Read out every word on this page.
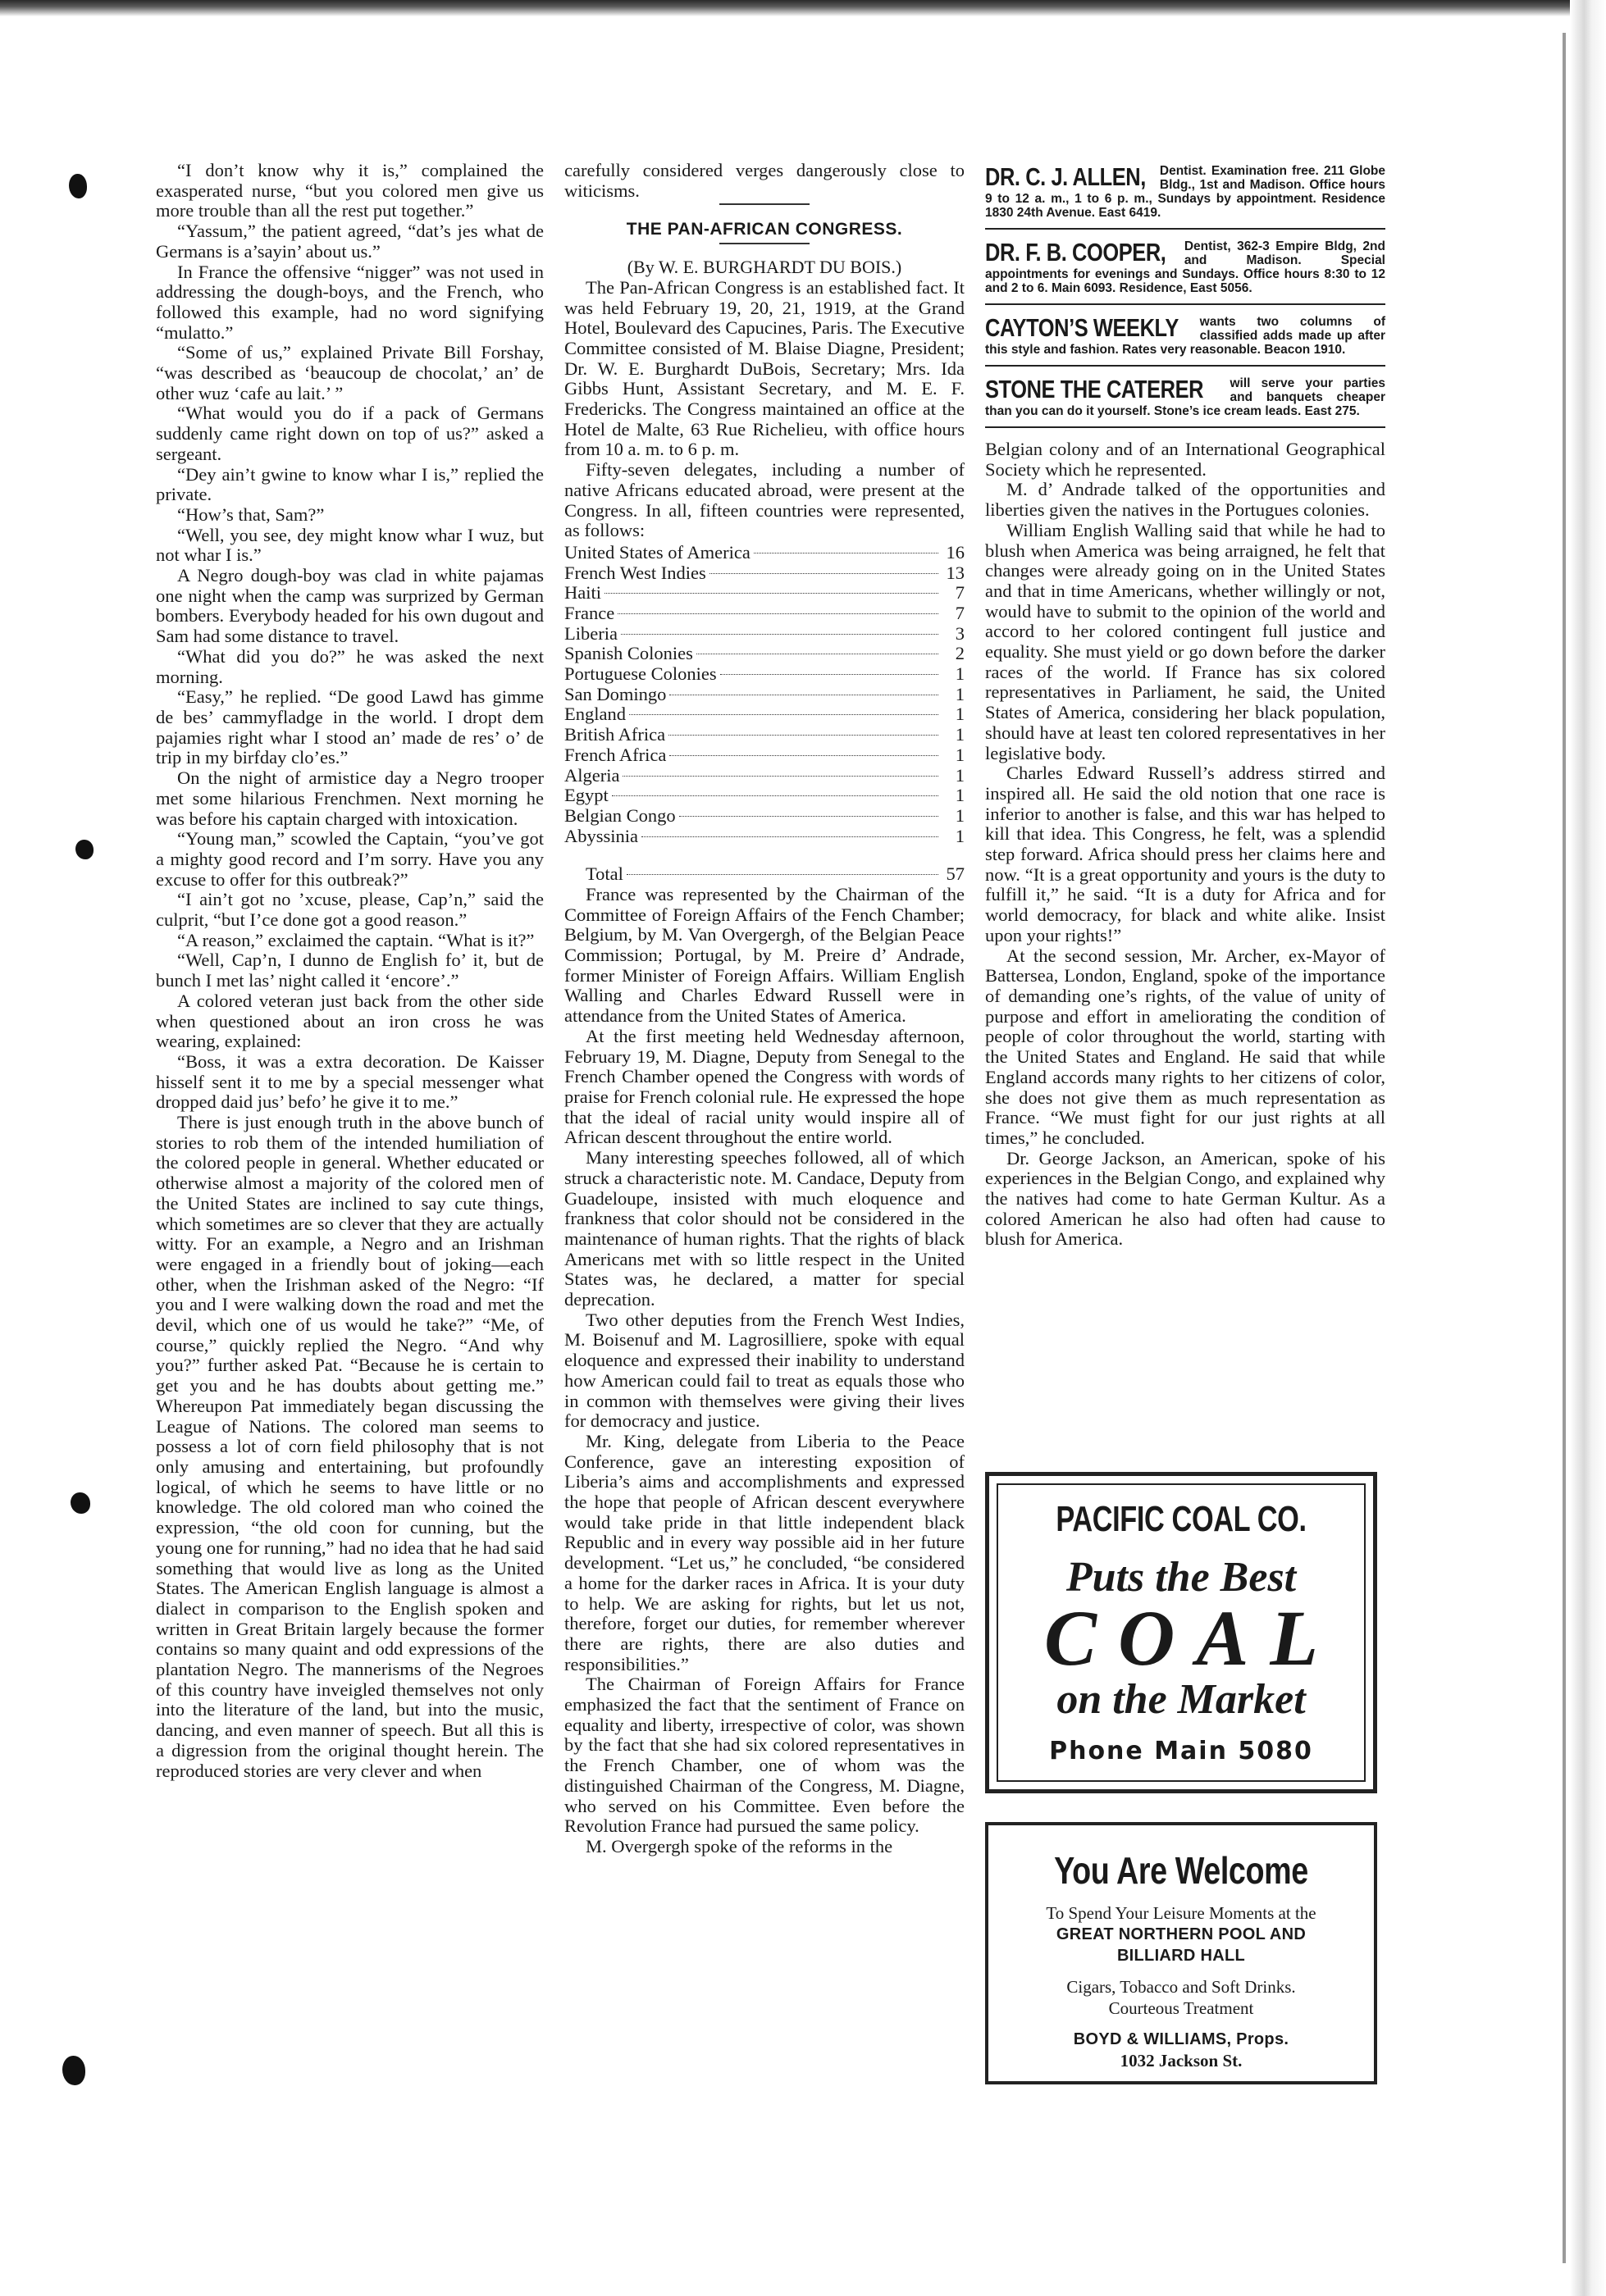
“I don’t know why it is,” complained the exasperated nurse, “but you colored men give us more trouble than all the rest put together.”

“Yassum,” the patient agreed, “dat’s jes what de Germans is a’sayin’ about us.”

In France the offensive “nigger” was not used in addressing the dough-boys, and the French, who followed this example, had no word signifying “mulatto.”

“Some of us,” explained Private Bill Forshay, “was described as ‘beaucoup de chocolat,’ an’ de other wuz ‘cafe au lait.’ ”

“What would you do if a pack of Germans suddenly came right down on top of us?” asked a sergeant.

“Dey ain’t gwine to know whar I is,” replied the private.

“How’s that, Sam?”

“Well, you see, dey might know whar I wuz, but not whar I is.”

A Negro dough-boy was clad in white pajamas one night when the camp was surprized by German bombers. Everybody headed for his own dugout and Sam had some distance to travel.

“What did you do?” he was asked the next morning.

“Easy,” he replied. “De good Lawd has gimme de bes’ cammyfladge in the world. I dropt dem pajamies right whar I stood an’ made de res’ o’ de trip in my birfday clo’es.”

On the night of armistice day a Negro trooper met some hilarious Frenchmen. Next morning he was before his captain charged with intoxication.

“Young man,” scowled the Captain, “you’ve got a mighty good record and I’m sorry. Have you any excuse to offer for this outbreak?”

“I ain’t got no ’xcuse, please, Cap’n,” said the culprit, “but I’ce done got a good reason.”

“A reason,” exclaimed the captain. “What is it?”

“Well, Cap’n, I dunno de English fo’ it, but de bunch I met las’ night called it ‘encore’.”

A colored veteran just back from the other side when questioned about an iron cross he was wearing, explained:

“Boss, it was a extra decoration. De Kaisser hisself sent it to me by a special messenger what dropped daid jus’ befo’ he give it to me.”

There is just enough truth in the above bunch of stories to rob them of the intended humiliation of the colored people in general. Whether educated or otherwise almost a majority of the colored men of the United States are inclined to say cute things, which sometimes are so clever that they are actually witty. For an example, a Negro and an Irishman were engaged in a friendly bout of joking—each other, when the Irishman asked of the Negro: “If you and I were walking down the road and met the devil, which one of us would he take?” “Me, of course,” quickly replied the Negro. “And why you?” further asked Pat. “Because he is certain to get you and he has doubts about getting me.” Whereupon Pat immediately began discussing the League of Nations. The colored man seems to possess a lot of corn field philosophy that is not only amusing and entertaining, but profoundly logical, of which he seems to have little or no knowledge. The old colored man who coined the expression, “the old coon for cunning, but the young one for running,” had no idea that he had said something that would live as long as the United States. The American English language is almost a dialect in comparison to the English spoken and written in Great Britain largely because the former contains so many quaint and odd expressions of the plantation Negro. The mannerisms of the Negroes of this country have inveigled themselves not only into the literature of the land, but into the music, dancing, and even manner of speech. But all this is a digression from the original thought herein. The reproduced stories are very clever and when

carefully considered verges dangerously close to witicisms.

THE PAN-AFRICAN CONGRESS.
(By W. E. BURGHARDT DU BOIS.)

The Pan-African Congress is an established fact. It was held February 19, 20, 21, 1919, at the Grand Hotel, Boulevard des Capucines, Paris. The Executive Committee consisted of M. Blaise Diagne, President; Dr. W. E. Burghardt DuBois, Secretary; Mrs. Ida Gibbs Hunt, Assistant Secretary, and M. E. F. Fredericks. The Congress maintained an office at the Hotel de Malte, 63 Rue Richelieu, with office hours from 10 a. m. to 6 p. m.

Fifty-seven delegates, including a number of native Africans educated abroad, were present at the Congress. In all, fifteen countries were represented, as follows:

United States of America	16
French West Indies	13
Haiti	7
France	7
Liberia	3
Spanish Colonies	2
Portuguese Colonies	1
San Domingo	1
England	1
British Africa	1
French Africa	1
Algeria	1
Egypt	1
Belgian Congo	1
Abyssinia	1
Total	57

France was represented by the Chairman of the Committee of Foreign Affairs of the Fench Chamber; Belgium, by M. Van Overgergh, of the Belgian Peace Commission; Portugal, by M. Preire d’ Andrade, former Minister of Foreign Affairs. William English Walling and Charles Edward Russell were in attendance from the United States of America.

At the first meeting held Wednesday afternoon, February 19, M. Diagne, Deputy from Senegal to the French Chamber opened the Congress with words of praise for French colonial rule. He expressed the hope that the ideal of racial unity would inspire all of African descent throughout the entire world.

Many interesting speeches followed, all of which struck a characteristic note. M. Candace, Deputy from Guadeloupe, insisted with much eloquence and frankness that color should not be considered in the maintenance of human rights. That the rights of black Americans met with so little respect in the United States was, he declared, a matter for special deprecation.

Two other deputies from the French West Indies, M. Boisenuf and M. Lagrosilliere, spoke with equal eloquence and expressed their inability to understand how American could fail to treat as equals those who in common with themselves were giving their lives for democracy and justice.

Mr. King, delegate from Liberia to the Peace Conference, gave an interesting exposition of Liberia’s aims and accomplishments and expressed the hope that people of African descent everywhere would take pride in that little independent black Republic and in every way possible aid in her future development. “Let us,” he concluded, “be considered a home for the darker races in Africa. It is your duty to help. We are asking for rights, but let us not, therefore, forget our duties, for remember wherever there are rights, there are also duties and responsibilities.”

The Chairman of Foreign Affairs for France emphasized the fact that the sentiment of France on equality and liberty, irrespective of color, was shown by the fact that she had six colored representatives in the French Chamber, one of whom was the distinguished Chairman of the Congress, M. Diagne, who served on his Committee. Even before the Revolution France had pursued the same policy.

M. Overgergh spoke of the reforms in the

DR. C. J. ALLEN,	Dentist. Examination free. 211 Globe Bldg., 1st and Madison. Office hours 9 to 12 a. m., 1 to 6 p. m., Sundays by appointment. Residence 1830 24th Avenue. East 6419.
DR. F. B. COOPER,	Dentist, 362-3 Empire Bldg, 2nd and Madison. Special appointments for evenings and Sundays. Office hours 8:30 to 12 and 2 to 6. Main 6093. Residence, East 5056.
CAYTON’S WEEKLY	wants two columns of classified adds made up after this style and fashion. Rates very reasonable. Beacon 1910.
STONE THE CATERER	will serve your parties and banquets cheaper than you can do it yourself. Stone’s ice cream leads. East 275.

Belgian colony and of an International Geographical Society which he represented.

M. d’ Andrade talked of the opportunities and liberties given the natives in the Portugues colonies.

William English Walling said that while he had to blush when America was being arraigned, he felt that changes were already going on in the United States and that in time Americans, whether willingly or not, would have to submit to the opinion of the world and accord to her colored contingent full justice and equality. She must yield or go down before the darker races of the world. If France has six colored representatives in Parliament, he said, the United States of America, considering her black population, should have at least ten colored representatives in her legislative body.

Charles Edward Russell’s address stirred and inspired all. He said the old notion that one race is inferior to another is false, and this war has helped to kill that idea. This Congress, he felt, was a splendid step forward. Africa should press her claims here and now. “It is a great opportunity and yours is the duty to fulfill it,” he said. “It is a duty for Africa and for world democracy, for black and white alike. Insist upon your rights!”

At the second session, Mr. Archer, ex-Mayor of Battersea, London, England, spoke of the importance of demanding one’s rights, of the value of unity of purpose and effort in ameliorating the condition of people of color throughout the world, starting with the United States and England. He said that while England accords many rights to her citizens of color, she does not give them as much representation as France. “We must fight for our just rights at all times,” he concluded.

Dr. George Jackson, an American, spoke of his experiences in the Belgian Congo, and explained why the natives had come to hate German Kultur. As a colored American he also had often had cause to blush for America.

PACIFIC COAL CO.
Puts the Best
COAL
on the Market
Phone Main 5080
You Are Welcome
To Spend Your Leisure Moments at the
GREAT NORTHERN POOL AND
BILLIARD HALL
Cigars, Tobacco and Soft Drinks.
Courteous Treatment
BOYD & WILLIAMS, Props.
1032 Jackson St.
